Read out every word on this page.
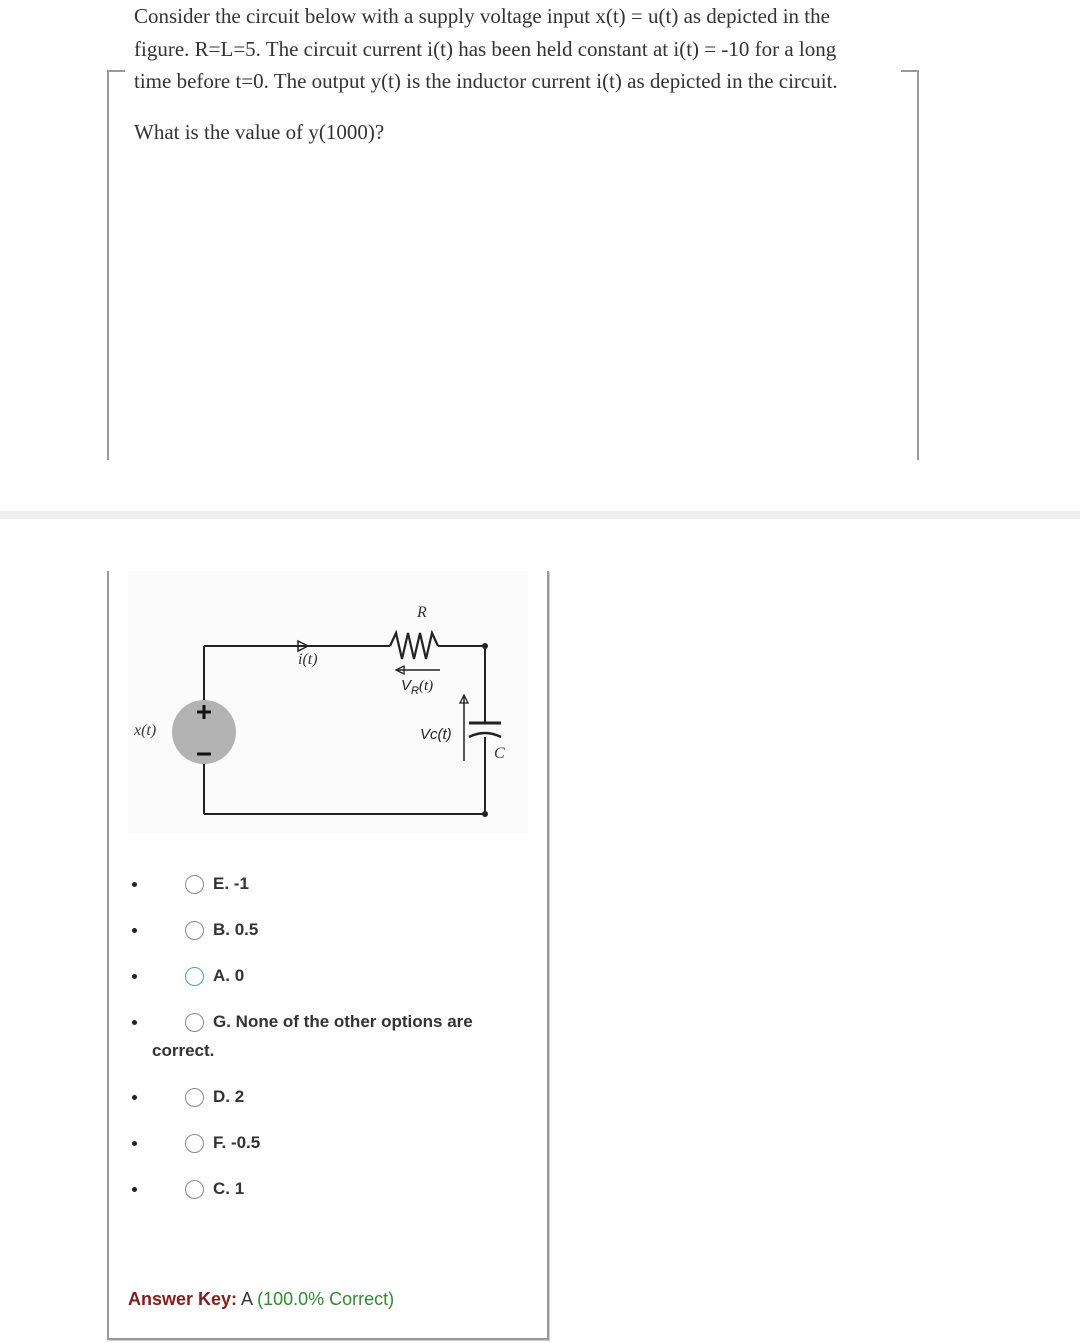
Consider the circuit below with a supply voltage input x(t) = u(t) as depicted in the

figure. R=L=5. The circuit current i(t) has been held constant at i(t) = -10 for a long

time before t=0. The output y(t) is the inductor current i(t) as depicted in the circuit.

What is the value of y(1000)?
x(t)
i(t)
R
$V_R(t)$
Vc(t)
C
E. -1
B. 0.5
A. 0
G. None of the other options are
correct.
D. 2
F. -0.5
C. 1
Answer Key: A (100.0% Correct)
